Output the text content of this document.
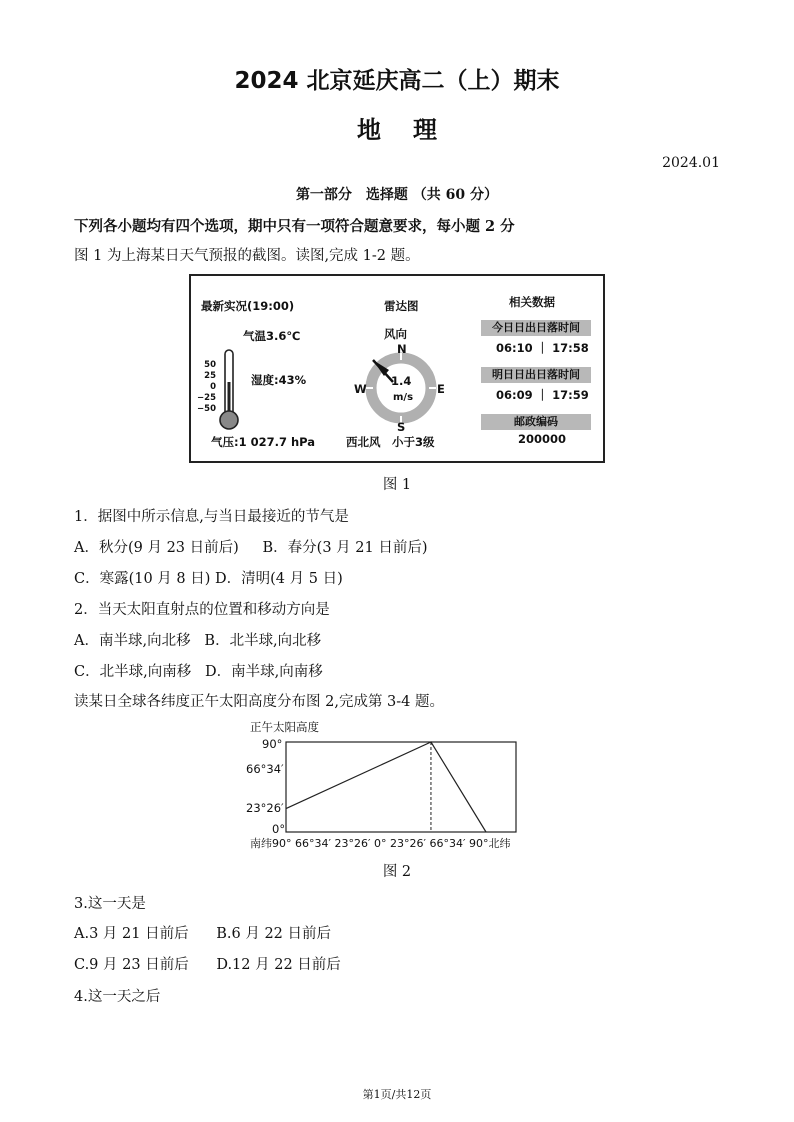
2024 北京延庆高二（上）期末
地理
2024.01
第一部分　选择题 （共 60 分）
下列各小题均有四个选项，期中只有一项符合题意要求，每小题 2 分
图 1 为上海某日天气预报的截图。读图,完成 1-2 题。
最新实况(19:00)
气温3.6℃
湿度:43%
气压:1 027.7 hPa
50
25
0
−25
−50
雷达图
风向
N
S
W	E
1.4
m/s
西北风　小于3级
相关数据
今日日出日落时间
06:10 ｜ 17:58
明日日出日落时间
06:09 ｜ 17:59
邮政编码
200000
图 1
1．据图中所示信息,与当日最接近的节气是
A．秋分(9 月 23 日前后)　  B．春分(3 月 21 日前后)
C．寒露(10 月 8 日) D．清明(4 月 5 日)
2．当天太阳直射点的位置和移动方向是
A．南半球,向北移   B．北半球,向北移
C．北半球,向南移   D．南半球,向南移
读某日全球各纬度正午太阳高度分布图 2,完成第 3-4 题。
正午太阳高度
90°
66°34′
23°26′
0°
南纬90° 66°34′ 23°26′ 0° 23°26′ 66°34′ 90°北纬
图 2
3.这一天是
A.3 月 21 日前后      B.6 月 22 日前后
C.9 月 23 日前后      D.12 月 22 日前后
4.这一天之后
第1页/共12页
